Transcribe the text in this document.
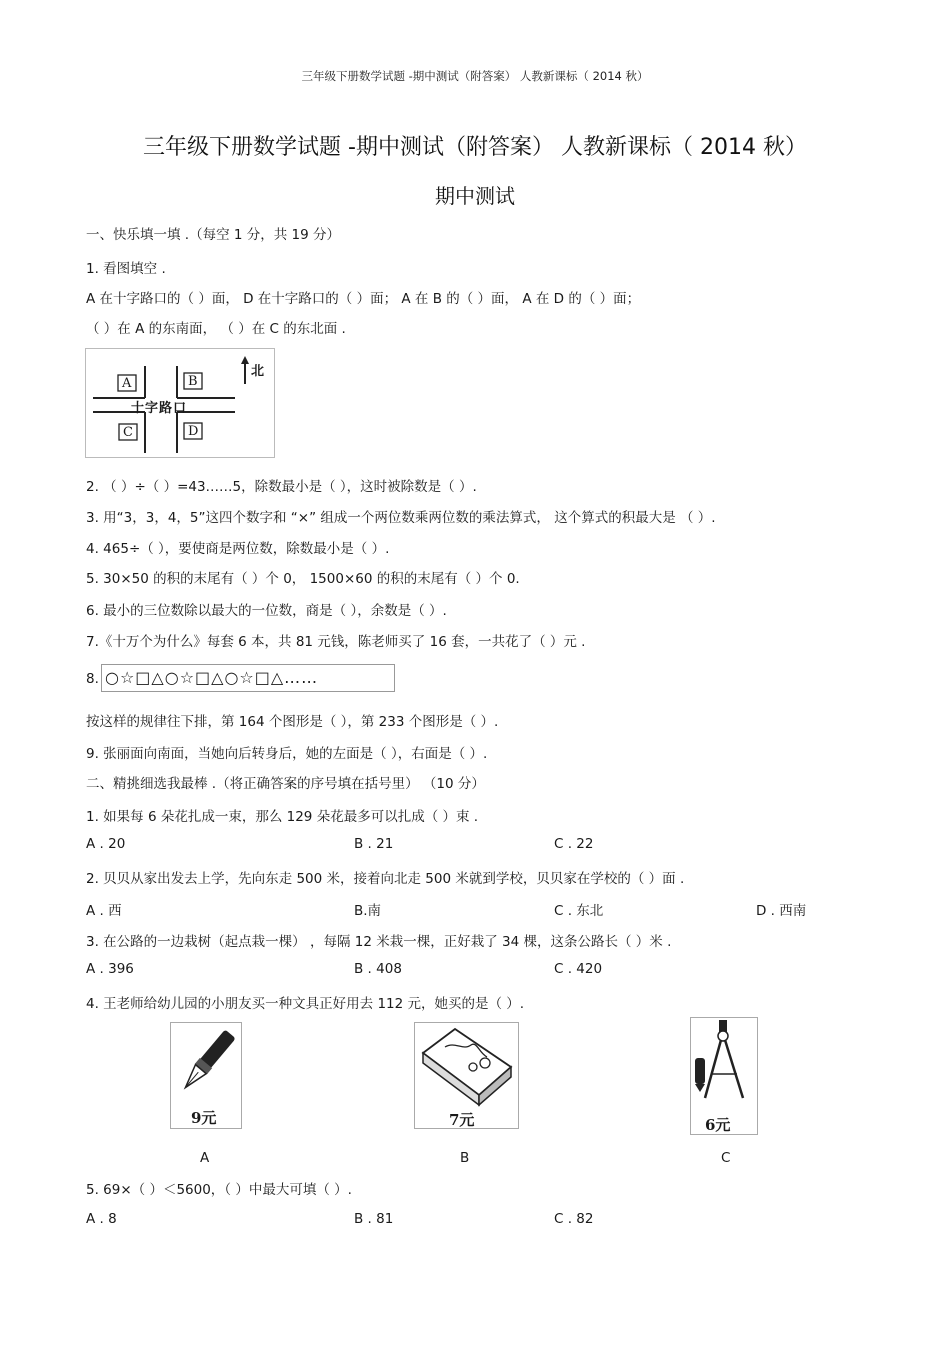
三年级下册数学试题 -期中测试（附答案） 人教新课标（ 2014 秋）
三年级下册数学试题 -期中测试（附答案） 人教新课标（ 2014 秋）
期中测试
一、快乐填一填 .（每空 1 分，共 19 分）
1. 看图填空 .
A 在十字路口的（ ）面， D 在十字路口的（ ）面； A 在 B 的（ ）面， A 在 D 的（ ）面；
（ ）在 A 的东南面， （ ）在 C 的东北面 .
A	B
C	D
十字路口
北
2. （ ）÷（ ）=43……5，除数最小是（ ），这时被除数是（ ）.
3. 用“3，3，4，5”这四个数字和 “×” 组成一个两位数乘两位数的乘法算式， 这个算式的积最大是 （ ）.
4. 465÷（ ），要使商是两位数，除数最小是（ ）.
5. 30×50 的积的末尾有（ ）个 0， 1500×60 的积的末尾有（ ）个 0.
6. 最小的三位数除以最大的一位数，商是（ ），余数是（ ）.
7.《十万个为什么》每套 6 本，共 81 元钱，陈老师买了 16 套，一共花了（ ）元 .
8. ○☆□△○☆□△○☆□△……
按这样的规律往下排，第 164 个图形是（ ），第 233 个图形是（ ）.
9. 张丽面向南面，当她向后转身后，她的左面是（ ），右面是（ ）.
二、精挑细选我最棒 .（将正确答案的序号填在括号里） （10 分）
1. 如果每 6 朵花扎成一束，那么 129 朵花最多可以扎成（ ）束 .
A . 20	B . 21	C . 22
2. 贝贝从家出发去上学，先向东走 500 米，接着向北走 500 米就到学校，贝贝家在学校的（ ）面 .
A . 西	B.南	C . 东北	D . 西南
3. 在公路的一边栽树（起点栽一棵） ，每隔 12 米栽一棵，正好栽了 34 棵，这条公路长（ ）米 .
A . 396	B . 408	C . 420
4. 王老师给幼儿园的小朋友买一种文具正好用去 112 元，她买的是（ ）.
9元	7元	6元
A	B	C
5. 69×（ ）＜5600，（ ）中最大可填（ ）.
A . 8	B . 81	C . 82
